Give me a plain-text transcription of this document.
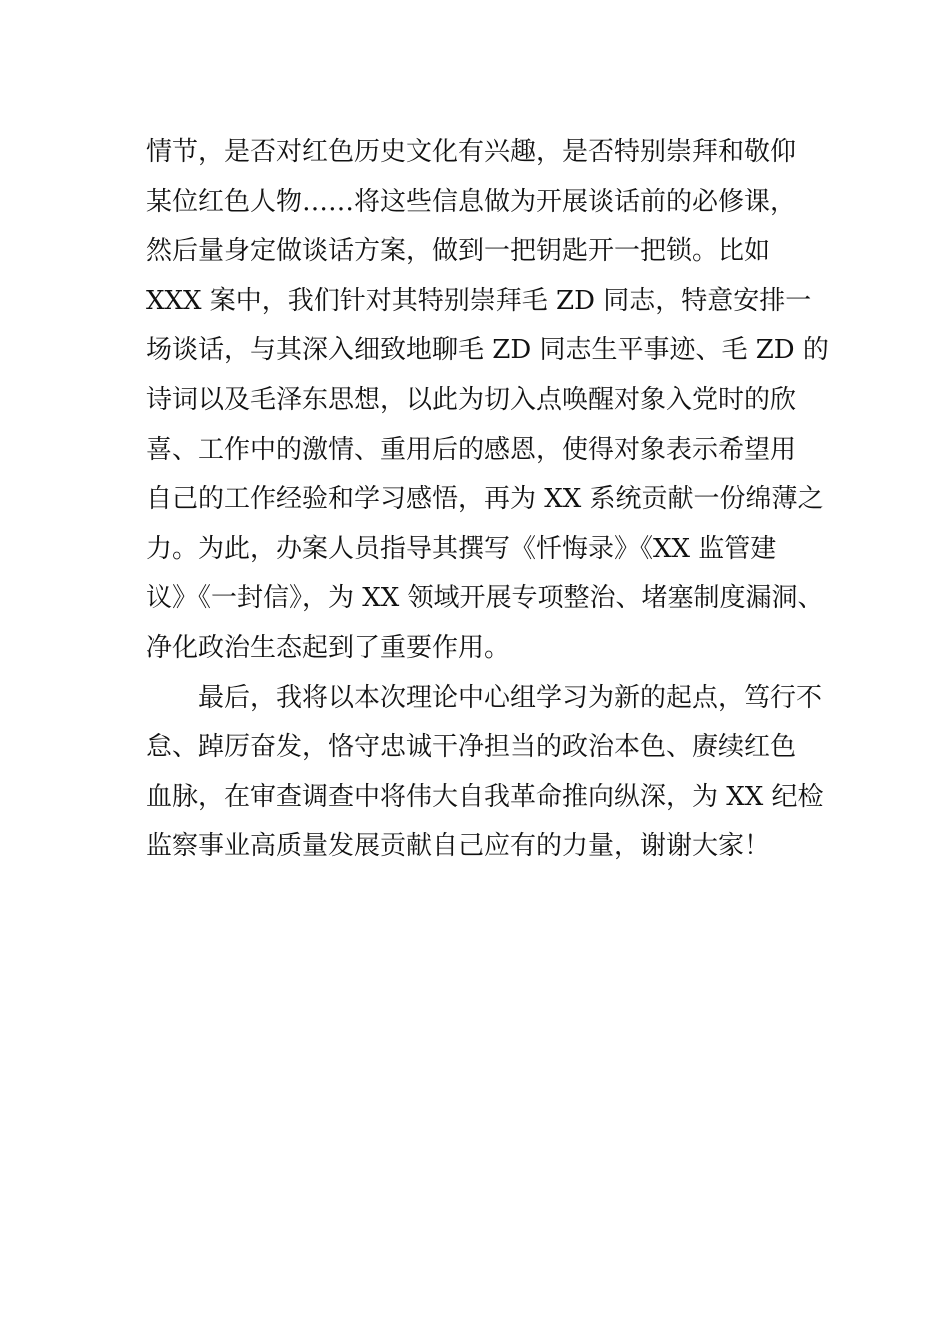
情节，是否对红色历史文化有兴趣，是否特别崇拜和敬仰
某位红色人物……将这些信息做为开展谈话前的必修课，
然后量身定做谈话方案，做到一把钥匙开一把锁。比如
XXX 案中，我们针对其特别崇拜毛 ZD 同志，特意安排一
场谈话，与其深入细致地聊毛 ZD 同志生平事迹、毛 ZD 的
诗词以及毛泽东思想，以此为切入点唤醒对象入党时的欣
喜、工作中的激情、重用后的感恩，使得对象表示希望用
自己的工作经验和学习感悟，再为 XX 系统贡献一份绵薄之
力。为此，办案人员指导其撰写《忏悔录》《XX 监管建
议》《一封信》，为 XX 领域开展专项整治、堵塞制度漏洞、
净化政治生态起到了重要作用。
　　最后，我将以本次理论中心组学习为新的起点，笃行不
怠、踔厉奋发，恪守忠诚干净担当的政治本色、赓续红色
血脉，在审查调查中将伟大自我革命推向纵深，为 XX 纪检
监察事业高质量发展贡献自己应有的力量，谢谢大家！
